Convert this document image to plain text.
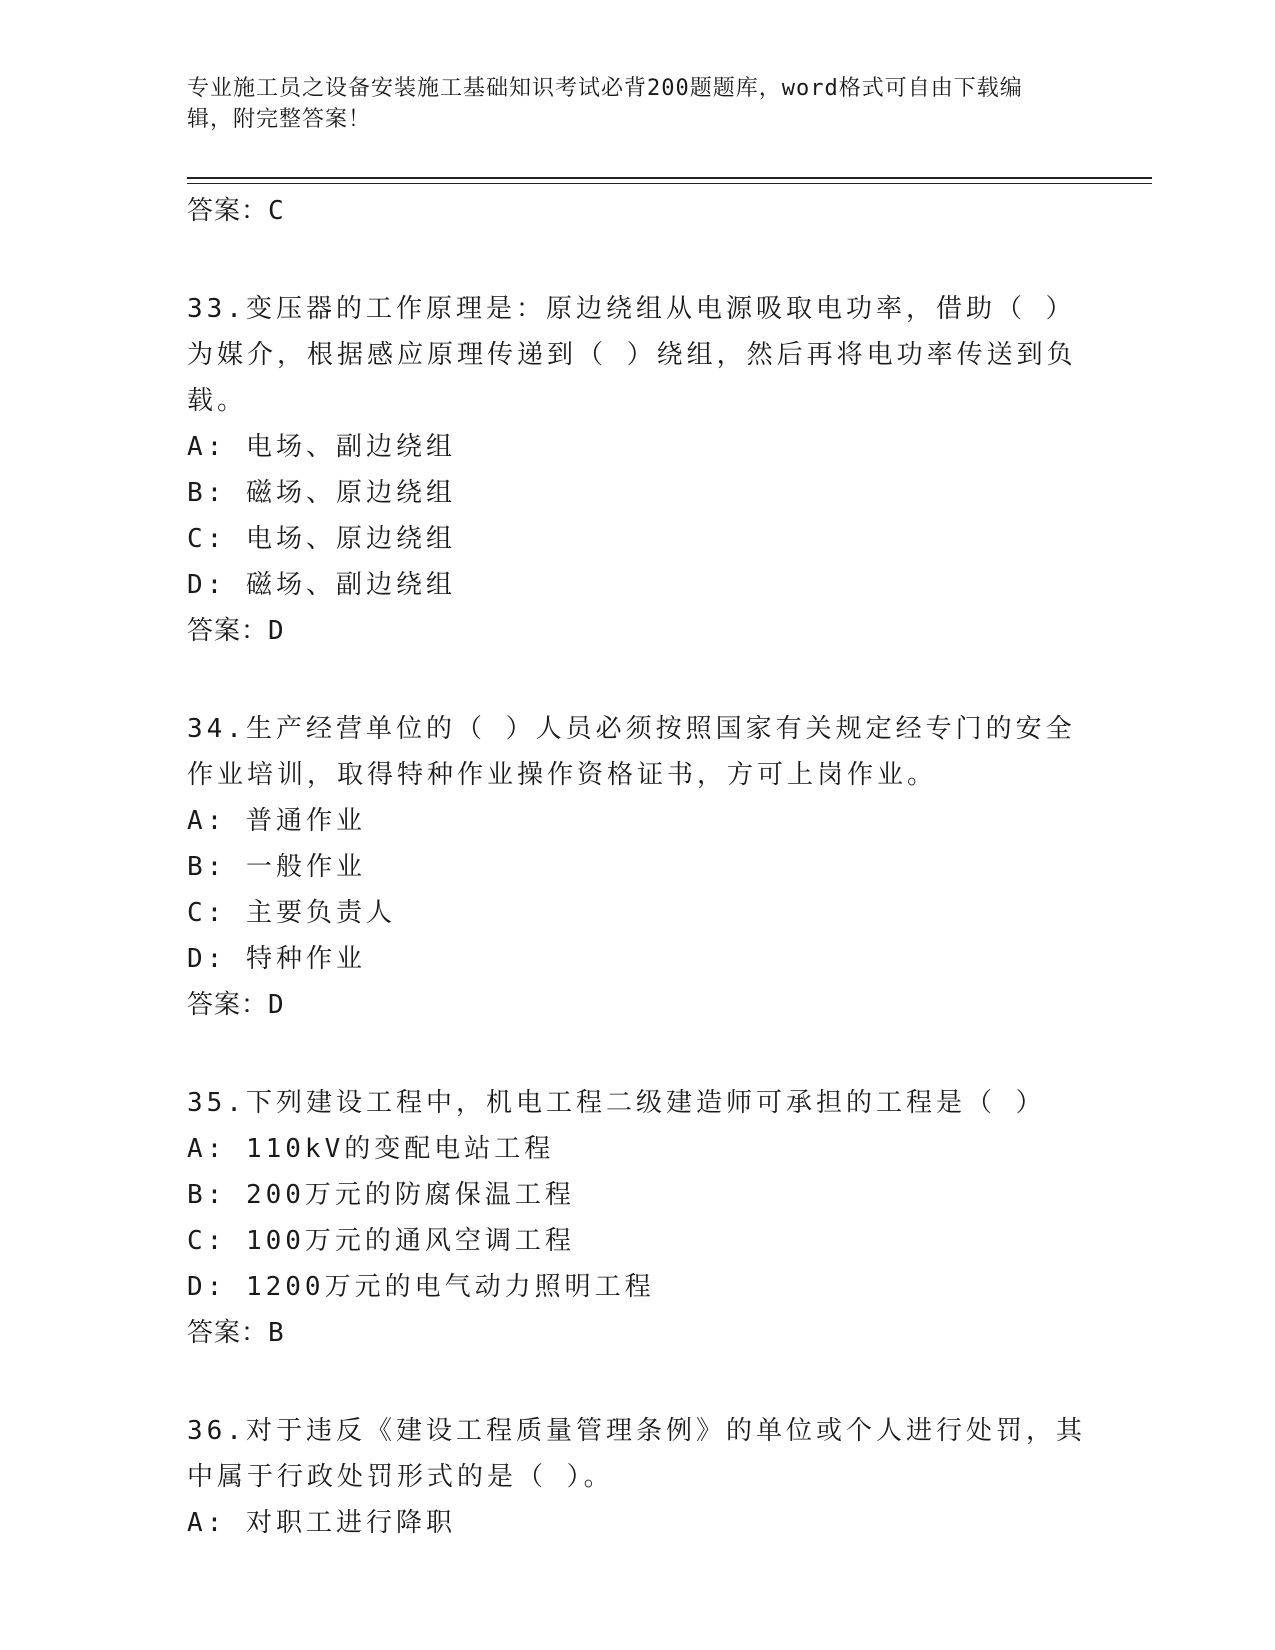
专业施工员之设备安装施工基础知识考试必背200题题库，word格式可自由下载编辑，附完整答案！
答案：C
33.变压器的工作原理是：原边绕组从电源吸取电功率，借助（ ）为媒介，根据感应原理传递到（ ）绕组，然后再将电功率传送到负载。
A: 电场、副边绕组
B: 磁场、原边绕组
C: 电场、原边绕组
D: 磁场、副边绕组
答案：D
34.生产经营单位的（ ）人员必须按照国家有关规定经专门的安全作业培训，取得特种作业操作资格证书，方可上岗作业。
A: 普通作业
B: 一般作业
C: 主要负责人
D: 特种作业
答案：D
35.下列建设工程中，机电工程二级建造师可承担的工程是（ ）
A: 110kV的变配电站工程
B: 200万元的防腐保温工程
C: 100万元的通风空调工程
D: 1200万元的电气动力照明工程
答案：B
36.对于违反《建设工程质量管理条例》的单位或个人进行处罚，其中属于行政处罚形式的是（ ）。
A: 对职工进行降职
